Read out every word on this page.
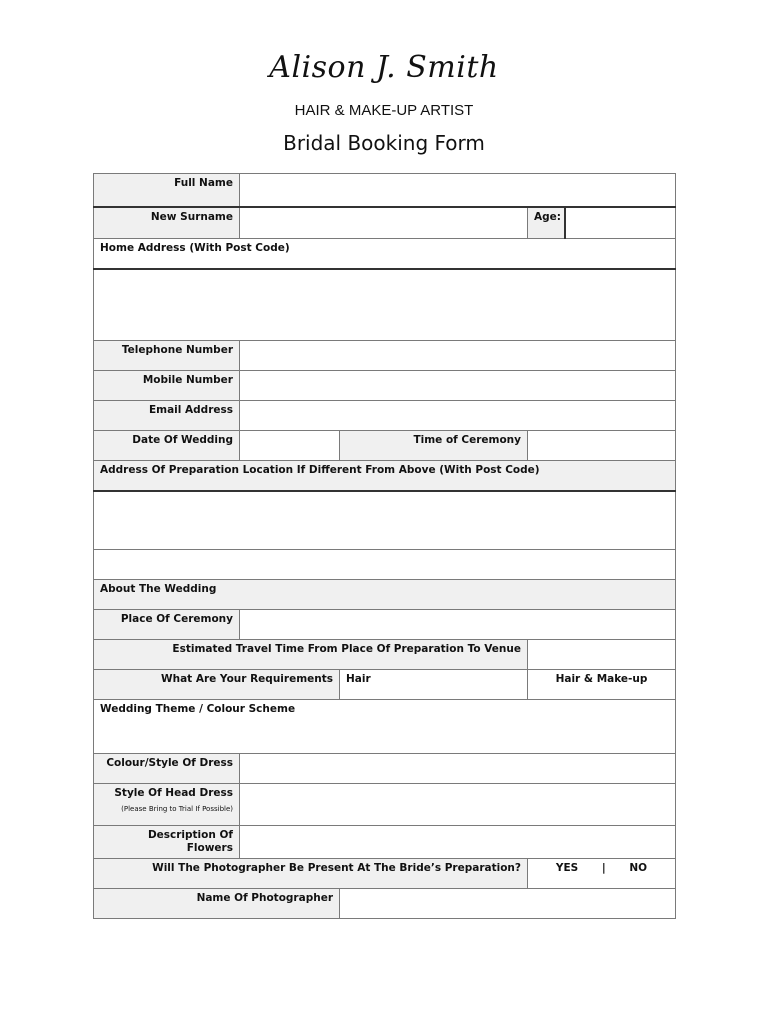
Alison J. Smith
HAIR & MAKE-UP ARTIST
Bridal Booking Form
Full Name				
New Surname			Age:	
Home Address (With Post Code)				

Telephone Number				
Mobile Number				
Email Address				
Date Of Wedding		Time of Ceremony		
Address Of Preparation Location If Different From Above (With Post Code)				

About The Wedding				
Place Of Ceremony				
Estimated Travel Time From Place Of Preparation To Venue				
What Are Your Requirements		Hair	Hair & Make-up	
Wedding Theme / Colour Scheme				
Colour/Style Of Dress				
Style Of Head Dress
(Please Bring to Trial If Possible)				

Description Of Flowers				
Will The Photographer Be Present At The Bride’s Preparation?			YES | NO	
Name Of Photographer				
